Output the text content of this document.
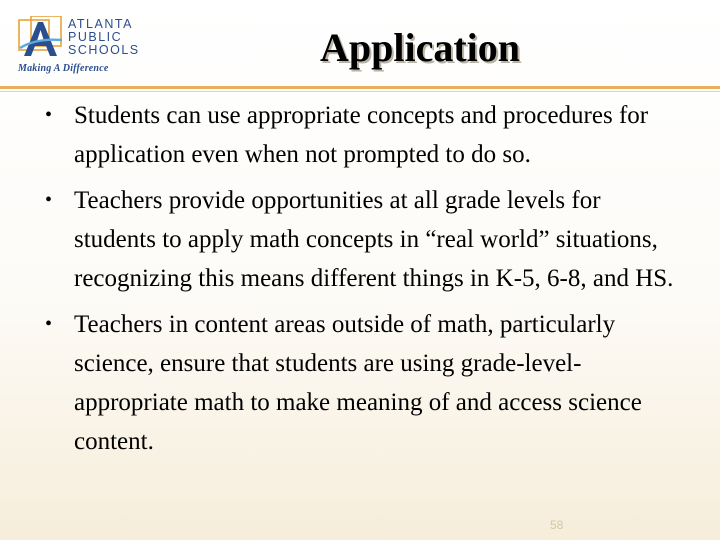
ATLANTA
PUBLIC
SCHOOLS
Making A Difference	Application
• Students can use appropriate concepts and procedures for application even when not prompted to do so.
• Teachers provide opportunities at all grade levels for students to apply math concepts in “real world” situations, recognizing this means different things in K-5, 6-8, and HS.
• Teachers in content areas outside of math, particularly science, ensure that students are using grade-level-appropriate math to make meaning of and access science content.
58
